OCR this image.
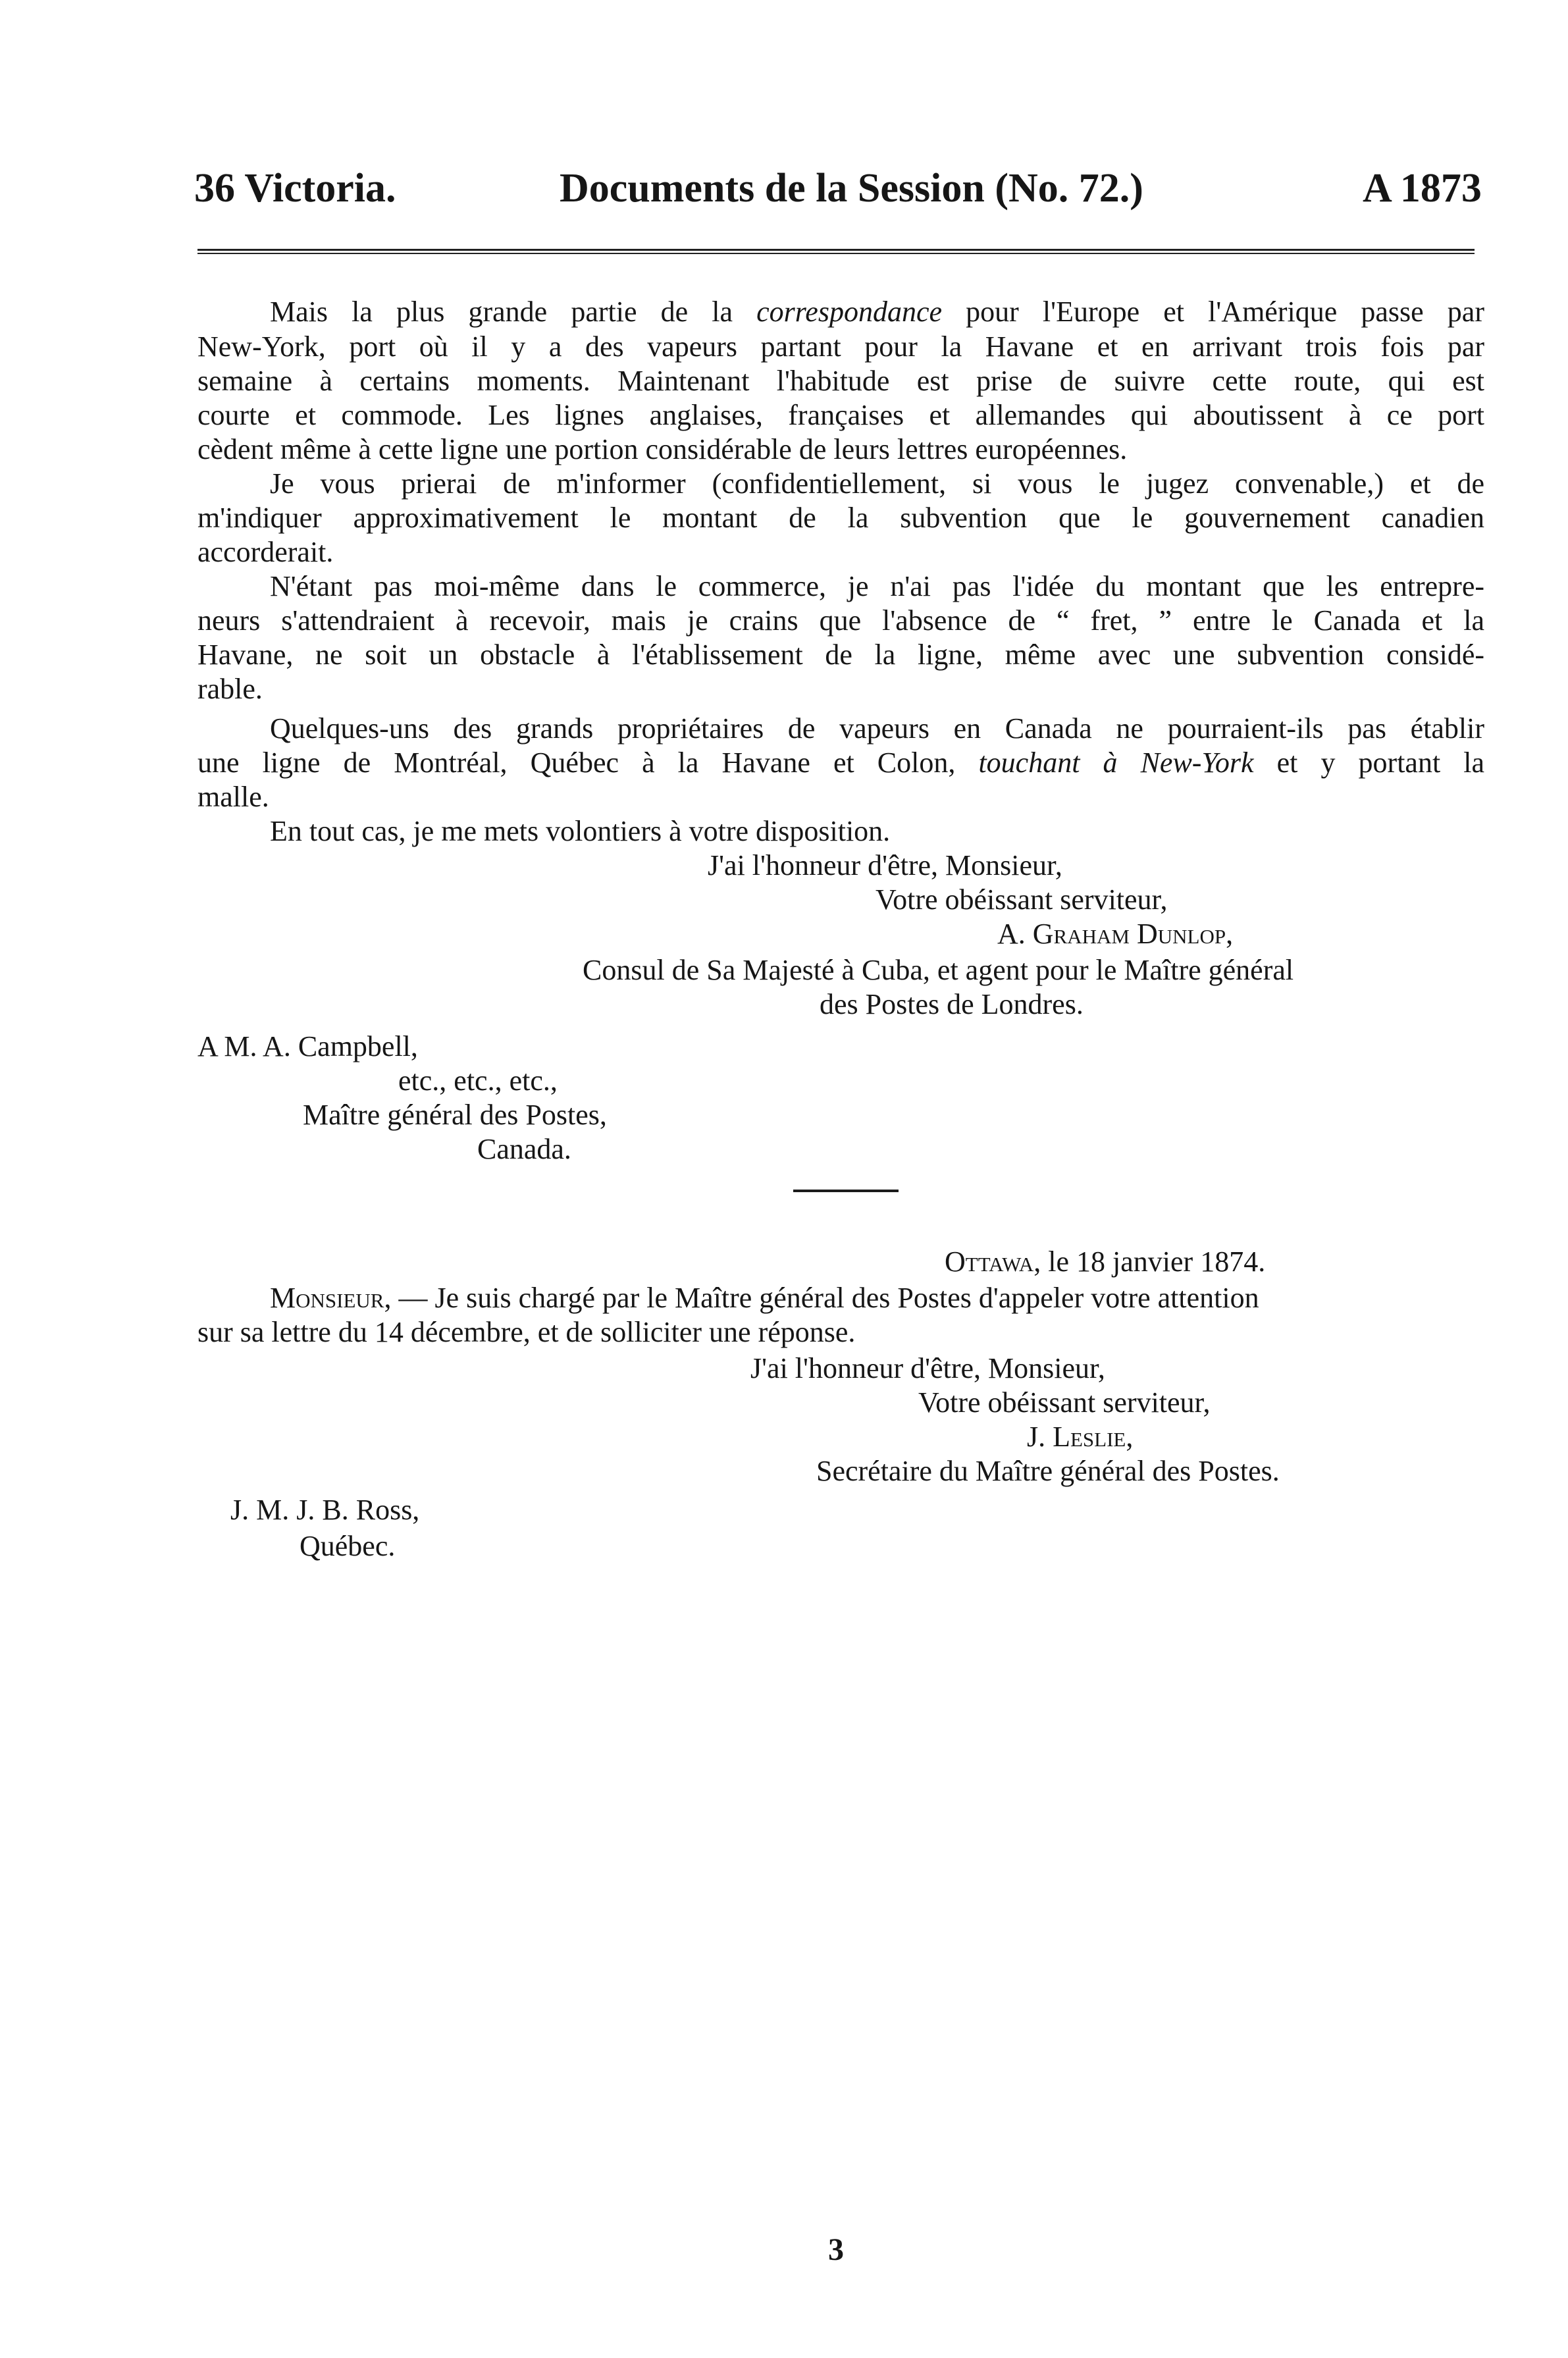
36 Victoria.	Documents de la Session (No. 72.)	A 1873
Mais la plus grande partie de la correspondance pour l'Europe et l'Amérique passe par
New-York, port où il y a des vapeurs partant pour la Havane et en arrivant trois fois par
semaine à certains moments. Maintenant l'habitude est prise de suivre cette route, qui est
courte et commode. Les lignes anglaises, françaises et allemandes qui aboutissent à ce port
cèdent même à cette ligne une portion considérable de leurs lettres européennes.
Je vous prierai de m'informer (confidentiellement, si vous le jugez convenable,) et de
m'indiquer approximativement le montant de la subvention que le gouvernement canadien
accorderait.
N'étant pas moi-même dans le commerce, je n'ai pas l'idée du montant que les entrepre-
neurs s'attendraient à recevoir, mais je crains que l'absence de “ fret, ” entre le Canada et la
Havane, ne soit un obstacle à l'établissement de la ligne, même avec une subvention considé-
rable.
Quelques-uns des grands propriétaires de vapeurs en Canada ne pourraient-ils pas établir
une ligne de Montréal, Québec à la Havane et Colon, touchant à New-York et y portant la
malle.
En tout cas, je me mets volontiers à votre disposition.
J'ai l'honneur d'être, Monsieur,
Votre obéissant serviteur,
A. Graham Dunlop,
Consul de Sa Majesté à Cuba, et agent pour le Maître général
des Postes de Londres.
A M. A. Campbell,
etc., etc., etc.,
Maître général des Postes,
Canada.
Ottawa, le 18 janvier 1874.
Monsieur, — Je suis chargé par le Maître général des Postes d'appeler votre attention
sur sa lettre du 14 décembre, et de solliciter une réponse.
J'ai l'honneur d'être, Monsieur,
Votre obéissant serviteur,
J. Leslie,
Secrétaire du Maître général des Postes.
J. M. J. B. Ross,
Québec.
3
